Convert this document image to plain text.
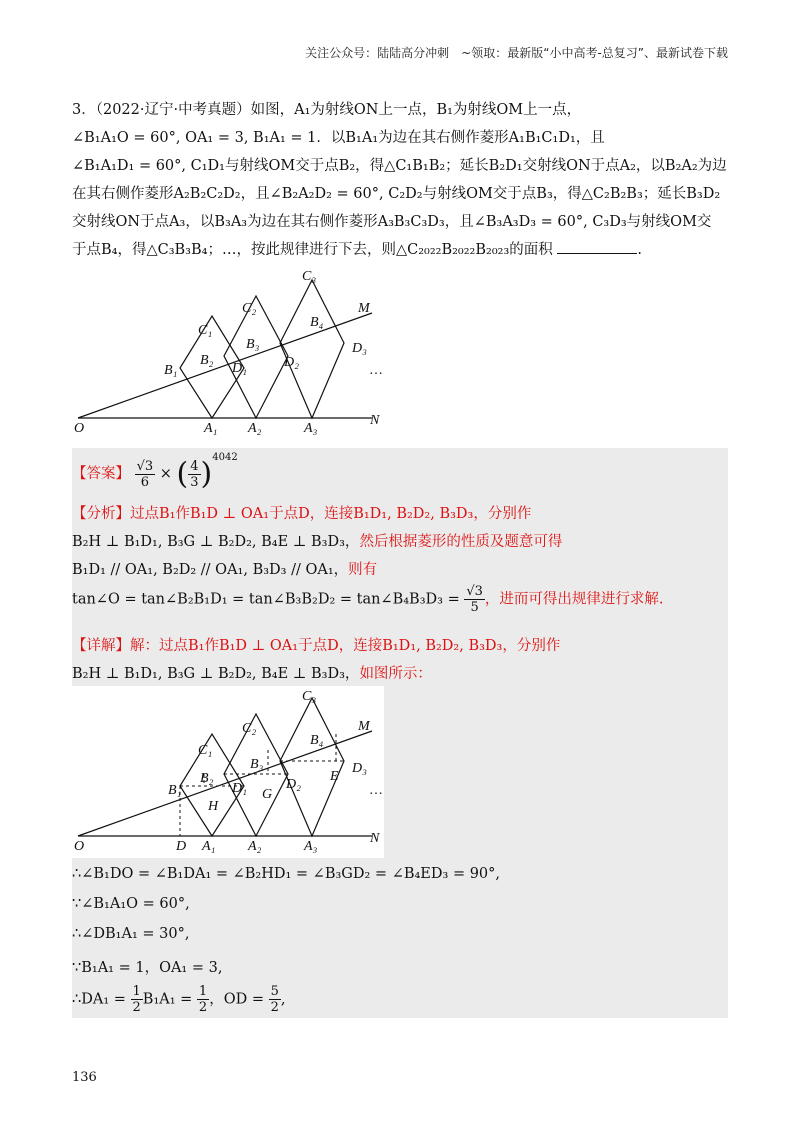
关注公众号：陆陆高分冲刺　~领取：最新版“小中高考-总复习”、最新试卷下载
3．（2022·辽宁·中考真题）如图，A₁为射线ON上一点，B₁为射线OM上一点，
∠B₁A₁O = 60°, OA₁ = 3, B₁A₁ = 1．以B₁A₁为边在其右侧作菱形A₁B₁C₁D₁，且
∠B₁A₁D₁ = 60°, C₁D₁与射线OM交于点B₂，得△C₁B₁B₂；延长B₂D₁交射线ON于点A₂，以B₂A₂为边
在其右侧作菱形A₂B₂C₂D₂，且∠B₂A₂D₂ = 60°, C₂D₂与射线OM交于点B₃，得△C₂B₂B₃；延长B₃D₂
交射线ON于点A₃，以B₃A₃为边在其右侧作菱形A₃B₃C₃D₃，且∠B₃A₃D₃ = 60°, C₃D₃与射线OM交
于点B₄，得△C₃B₃B₄；…，按此规律进行下去，则△C₂₀₂₂B₂₀₂₂B₂₀₂₃的面积	.
O
N
M
A₁ A₂	A₃
B₁
B₂
B₃
B₄
C₁
C₂
C₃
D₁	D₂
D₃
…
【答案】 $\frac{√3}{6}$ × ( $\frac{4}{3} )^{4042}$
【分析】过点B₁作B₁D ⊥ OA₁于点D，连接B₁D₁, B₂D₂, B₃D₃，分别作
B₂H ⊥ B₁D₁, B₃G ⊥ B₂D₂, B₄E ⊥ B₃D₃，然后根据菱形的性质及题意可得
B₁D₁ // OA₁, B₂D₂ // OA₁, B₃D₃ // OA₁，则有
tan∠O = tan∠B₂B₁D₁ = tan∠B₃B₂D₂ = tan∠B₄B₃D₃ = $\frac{√3}{5}$ ，进而可得出规律进行求解.
【详解】解：过点B₁作B₁D ⊥ OA₁于点D，连接B₁D₁, B₂D₂, B₃D₃，分别作
B₂H ⊥ B₁D₁, B₃G ⊥ B₂D₂, B₄E ⊥ B₃D₃，如图所示：
O
N
M
D A₁ A₂	A₃
B₁
B₂
B₃
B₄
C₁
C₂
C₃
D₁	D₂
D₃
H
G
E
…
∴∠B₁DO = ∠B₁DA₁ = ∠B₂HD₁ = ∠B₃GD₂ = ∠B₄ED₃ = 90°,
∵∠B₁A₁O = 60°,
∴∠DB₁A₁ = 30°,
∵B₁A₁ = 1，OA₁ = 3,
∴DA₁ = $\frac{1}{2} B_1A_1 = \frac{1}{2}$ ，OD = $\frac{5}{2}$ ,
136
